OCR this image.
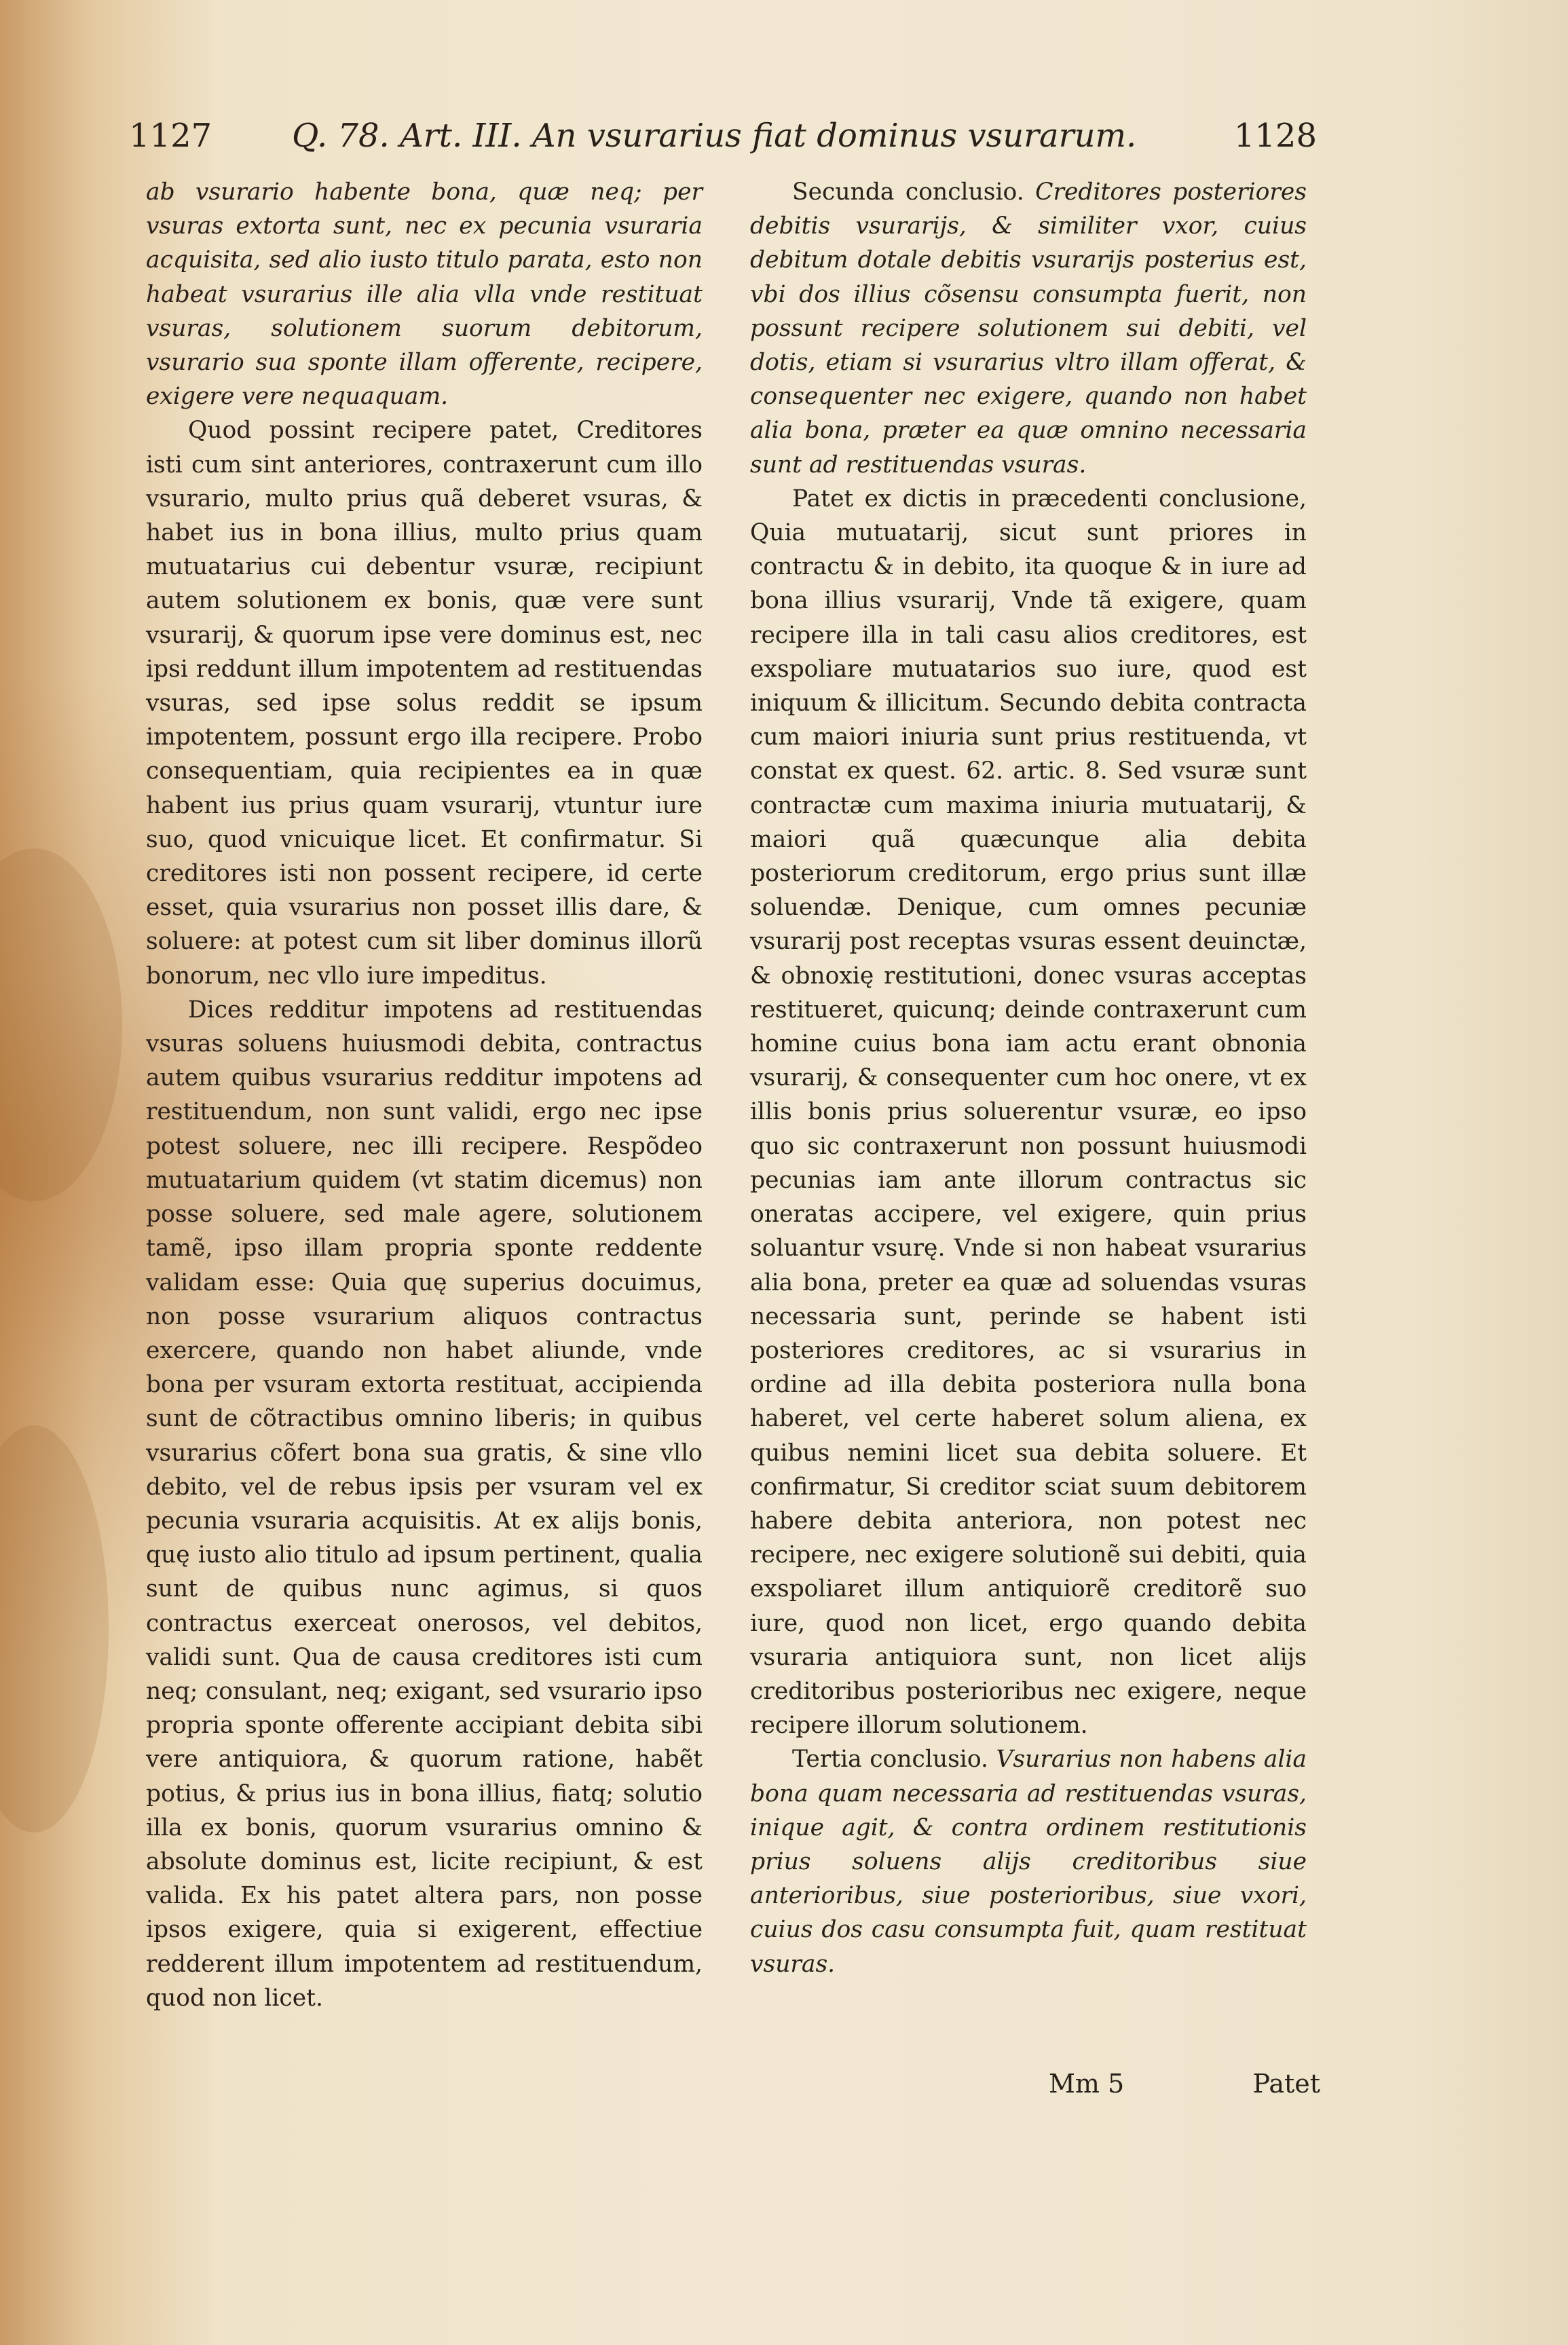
1127 Q. 78. Art. III. An vsurarius fiat dominus vsurarum.	1128

ab vsurario habente bona, quæ neq; per vsuras extorta sunt, nec ex pecunia vsuraria acquisita, sed alio iusto titulo parata, esto non habeat vsurarius ille alia vlla vnde restituat vsuras, solutionem suorum debitorum, vsurario sua sponte illam offerente, recipere, exigere vere nequaquam.

Quod possint recipere patet, Creditores isti cum sint anteriores, contraxerunt cum illo vsurario, multo prius quã deberet vsuras, & habet ius in bona illius, multo prius quam mutuatarius cui debentur vsuræ, recipiunt autem solutionem ex bonis, quæ vere sunt vsurarij, & quorum ipse vere dominus est, nec ipsi reddunt illum impotentem ad restituendas vsuras, sed ipse solus reddit se ipsum impotentem, possunt ergo illa recipere. Probo consequentiam, quia recipientes ea in quæ habent ius prius quam vsurarij, vtuntur iure suo, quod vnicuique licet. Et confirmatur. Si creditores isti non possent recipere, id certe esset, quia vsurarius non posset illis dare, & soluere: at potest cum sit liber dominus illorũ bonorum, nec vllo iure impeditus.

Dices redditur impotens ad restituendas vsuras soluens huiusmodi debita, contractus autem quibus vsurarius redditur impotens ad restituendum, non sunt validi, ergo nec ipse potest soluere, nec illi recipere. Respõdeo mutuatarium quidem (vt statim dicemus) non posse soluere, sed male agere, solutionem tamẽ, ipso illam propria sponte reddente validam esse: Quia quę superius docuimus, non posse vsurarium aliquos contractus exercere, quando non habet aliunde, vnde bona per vsuram extorta restituat, accipienda sunt de cõtractibus omnino liberis; in quibus vsurarius cõfert bona sua gratis, & sine vllo debito, vel de rebus ipsis per vsuram vel ex pecunia vsuraria acquisitis. At ex alijs bonis, quę iusto alio titulo ad ipsum pertinent, qualia sunt de quibus nunc agimus, si quos contractus exerceat onerosos, vel debitos, validi sunt. Qua de causa creditores isti cum neq; consulant, neq; exigant, sed vsurario ipso propria sponte offerente accipiant debita sibi vere antiquiora, & quorum ratione, habẽt potius, & prius ius in bona illius, fiatq; solutio illa ex bonis, quorum vsurarius omnino & absolute dominus est, licite recipiunt, & est valida. Ex his patet altera pars, non posse ipsos exigere, quia si exigerent, effectiue redderent illum impotentem ad restituendum, quod non licet.

Secunda conclusio. Creditores posteriores debitis vsurarijs, & similiter vxor, cuius debitum dotale debitis vsurarijs posterius est, vbi dos illius cõsensu consumpta fuerit, non possunt recipere solutionem sui debiti, vel dotis, etiam si vsurarius vltro illam offerat, & consequenter nec exigere, quando non habet alia bona, præter ea quæ omnino necessaria sunt ad restituendas vsuras.

Patet ex dictis in præcedenti conclusione, Quia mutuatarij, sicut sunt priores in contractu & in debito, ita quoque & in iure ad bona illius vsurarij, Vnde tã exigere, quam recipere illa in tali casu alios creditores, est exspoliare mutuatarios suo iure, quod est iniquum & illicitum. Secundo debita contracta cum maiori iniuria sunt prius restituenda, vt constat ex quest. 62. artic. 8. Sed vsuræ sunt contractæ cum maxima iniuria mutuatarij, & maiori quã quæcunque alia debita posteriorum creditorum, ergo prius sunt illæ soluendæ. Denique, cum omnes pecuniæ vsurarij post receptas vsuras essent deuinctæ, & obnoxię restitutioni, donec vsuras acceptas restitueret, quicunq; deinde contraxerunt cum homine cuius bona iam actu erant obnonia vsurarij, & consequenter cum hoc onere, vt ex illis bonis prius soluerentur vsuræ, eo ipso quo sic contraxerunt non possunt huiusmodi pecunias iam ante illorum contractus sic oneratas accipere, vel exigere, quin prius soluantur vsurę. Vnde si non habeat vsurarius alia bona, preter ea quæ ad soluendas vsuras necessaria sunt, perinde se habent isti posteriores creditores, ac si vsurarius in ordine ad illa debita posteriora nulla bona haberet, vel certe haberet solum aliena, ex quibus nemini licet sua debita soluere. Et confirmatur, Si creditor sciat suum debitorem habere debita anteriora, non potest nec recipere, nec exigere solutionẽ sui debiti, quia exspoliaret illum antiquiorẽ creditorẽ suo iure, quod non licet, ergo quando debita vsuraria antiquiora sunt, non licet alijs creditoribus posterioribus nec exigere, neque recipere illorum solutionem.

Tertia conclusio. Vsurarius non habens alia bona quam necessaria ad restituendas vsuras, inique agit, & contra ordinem restitutionis prius soluens alijs creditoribus siue anterioribus, siue posterioribus, siue vxori, cuius dos casu consumpta fuit, quam restituat vsuras.

Mm 5	Patet
